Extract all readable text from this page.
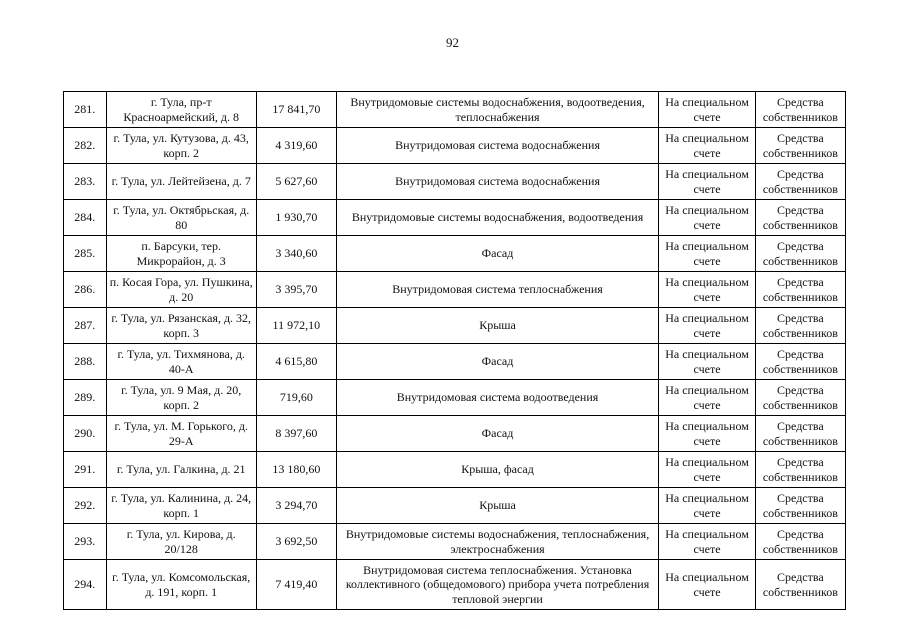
92
281.	г. Тула, пр-т Красноармейский, д. 8	17 841,70	Внутридомовые системы водоснабжения, водоотведения, теплоснабжения	На специальном счете	Средства собственников
282.	г. Тула, ул. Кутузова, д. 43, корп. 2	4 319,60	Внутридомовая система водоснабжения	На специальном счете	Средства собственников
283.	г. Тула, ул. Лейтейзена, д. 7	5 627,60	Внутридомовая система водоснабжения	На специальном счете	Средства собственников
284.	г. Тула, ул. Октябрьская, д. 80	1 930,70	Внутридомовые системы водоснабжения, водоотведения	На специальном счете	Средства собственников
285.	п. Барсуки, тер. Микрорайон, д. 3	3 340,60	Фасад	На специальном счете	Средства собственников
286.	п. Косая Гора, ул. Пушкина, д. 20	3 395,70	Внутридомовая система теплоснабжения	На специальном счете	Средства собственников
287.	г. Тула, ул. Рязанская, д. 32, корп. 3	11 972,10	Крыша	На специальном счете	Средства собственников
288.	г. Тула, ул. Тихмянова, д. 40-А	4 615,80	Фасад	На специальном счете	Средства собственников
289.	г. Тула, ул. 9 Мая, д. 20, корп. 2	719,60	Внутридомовая система водоотведения	На специальном счете	Средства собственников
290.	г. Тула, ул. М. Горького, д. 29-А	8 397,60	Фасад	На специальном счете	Средства собственников
291.	г. Тула, ул. Галкина, д. 21	13 180,60	Крыша, фасад	На специальном счете	Средства собственников
292.	г. Тула, ул. Калинина, д. 24, корп. 1	3 294,70	Крыша	На специальном счете	Средства собственников
293.	г. Тула, ул. Кирова, д. 20/128	3 692,50	Внутридомовые системы водоснабжения, теплоснабжения, электроснабжения	На специальном счете	Средства собственников
294.	г. Тула, ул. Комсомольская, д. 191, корп. 1	7 419,40	Внутридомовая система теплоснабжения. Установка коллективного (общедомового) прибора учета потребления тепловой энергии	На специальном счете	Средства собственников
